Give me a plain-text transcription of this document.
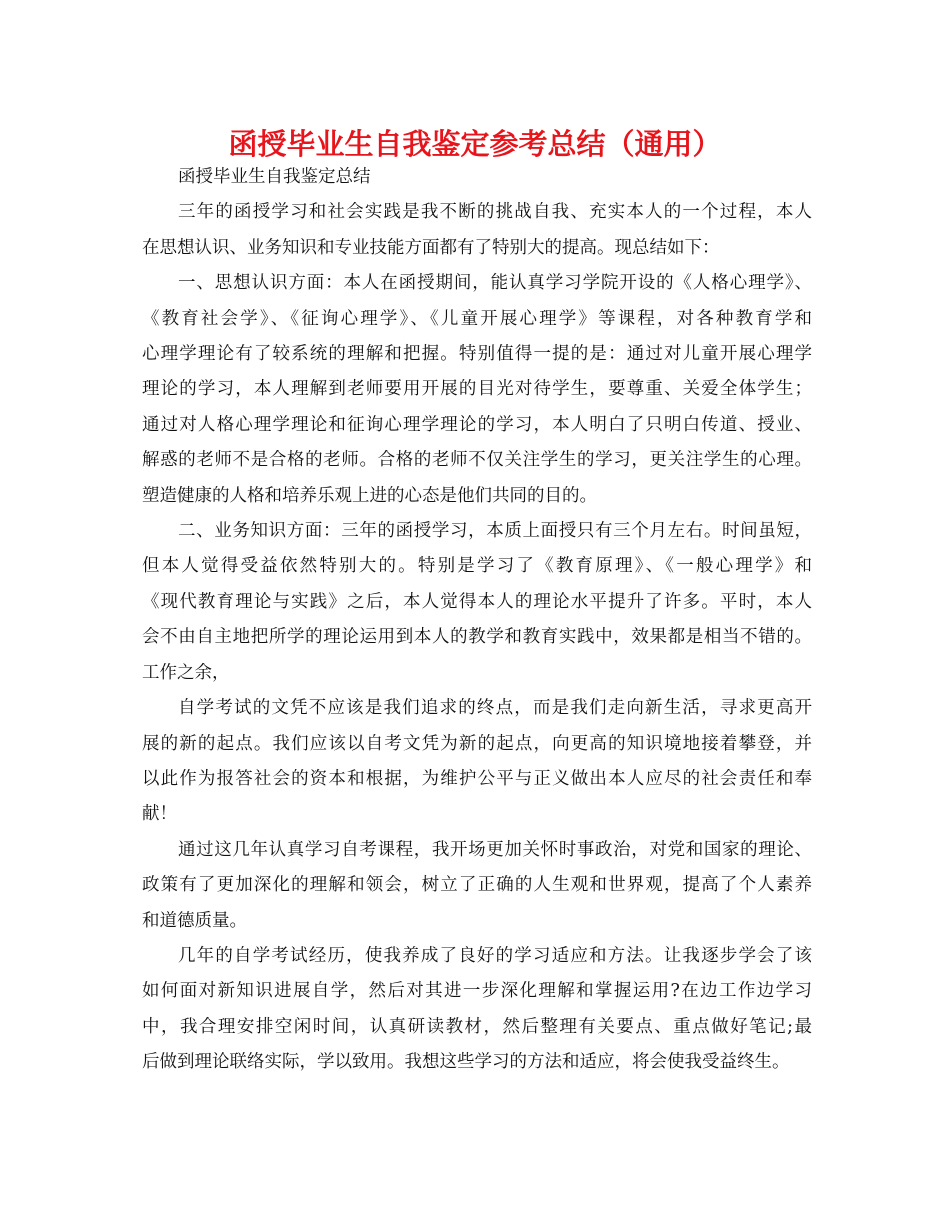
函授毕业生自我鉴定参考总结（通用）
函授毕业生自我鉴定总结

三年的函授学习和社会实践是我不断的挑战自我、充实本人的一个过程，本人
在思想认识、业务知识和专业技能方面都有了特别大的提高。现总结如下：

一、思想认识方面：本人在函授期间，能认真学习学院开设的《人格心理学》、
《教育社会学》、《征询心理学》、《儿童开展心理学》等课程，对各种教育学和
心理学理论有了较系统的理解和把握。特别值得一提的是：通过对儿童开展心理学
理论的学习，本人理解到老师要用开展的目光对待学生，要尊重、关爱全体学生；
通过对人格心理学理论和征询心理学理论的学习，本人明白了只明白传道、授业、
解惑的老师不是合格的老师。合格的老师不仅关注学生的学习，更关注学生的心理。
塑造健康的人格和培养乐观上进的心态是他们共同的目的。

二、业务知识方面：三年的函授学习，本质上面授只有三个月左右。时间虽短，
但本人觉得受益依然特别大的。特别是学习了《教育原理》、《一般心理学》和
《现代教育理论与实践》之后，本人觉得本人的理论水平提升了许多。平时，本人
会不由自主地把所学的理论运用到本人的教学和教育实践中，效果都是相当不错的。
工作之余，

自学考试的文凭不应该是我们追求的终点，而是我们走向新生活，寻求更高开
展的新的起点。我们应该以自考文凭为新的起点，向更高的知识境地接着攀登，并
以此作为报答社会的资本和根据，为维护公平与正义做出本人应尽的社会责任和奉
献！

通过这几年认真学习自考课程，我开场更加关怀时事政治，对党和国家的理论、
政策有了更加深化的理解和领会，树立了正确的人生观和世界观，提高了个人素养
和道德质量。

几年的自学考试经历，使我养成了良好的学习适应和方法。让我逐步学会了该
如何面对新知识进展自学，然后对其进一步深化理解和掌握运用?在边工作边学习
中，我合理安排空闲时间，认真研读教材，然后整理有关要点、重点做好笔记;最
后做到理论联络实际，学以致用。我想这些学习的方法和适应，将会使我受益终生。
